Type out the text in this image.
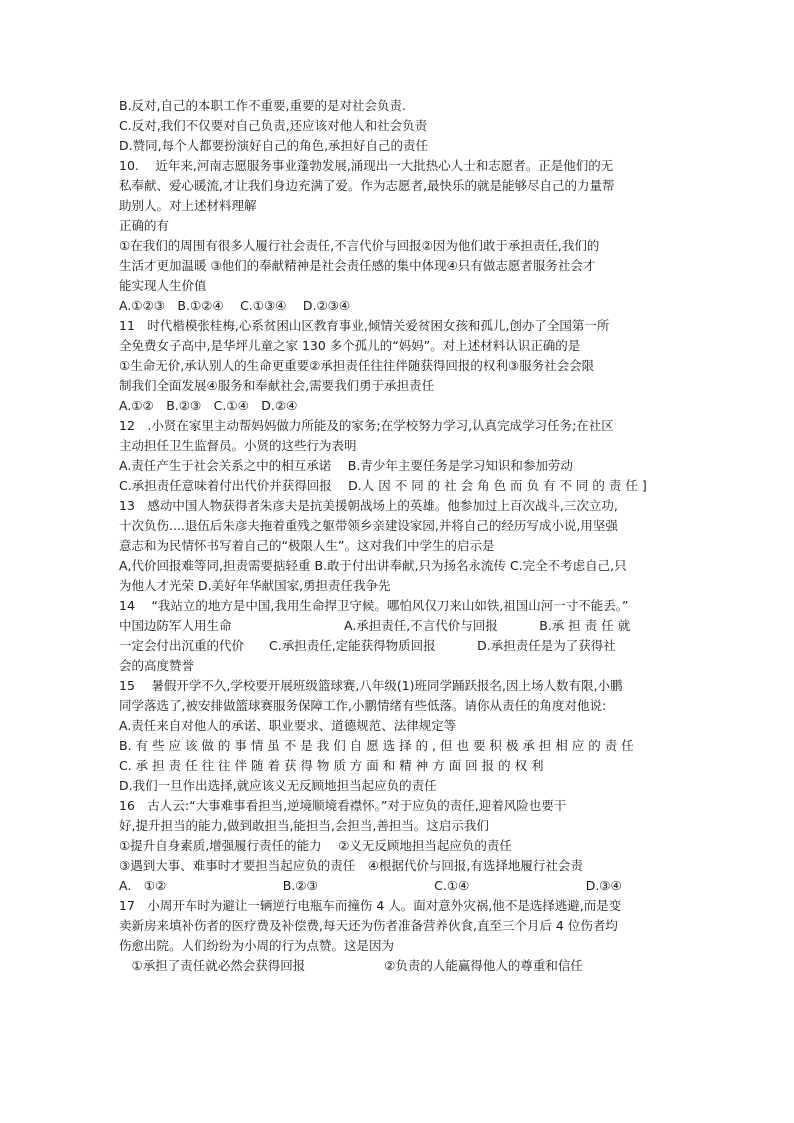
B.反对,自己的本职工作不重要,重要的是对社会负责.
C.反对,我们不仅要对自己负责,还应该对他人和社会负责
D.赞同,每个人都要扮演好自己的角色,承担好自己的责任
10.　 近年来,河南志愿服务事业蓬勃发展,涌现出一大批热心人士和志愿者。正是他们的无
私奉献、爱心暖流,才让我们身边充满了爱。作为志愿者,最快乐的就是能够尽自己的力量帮
助别人。对上述材料理解
正确的有
①在我们的周围有很多人履行社会责任,不言代价与回报②因为他们敢于承担责任,我们的
生活才更加温暖 ③他们的奉献精神是社会责任感的集中体现④只有做志愿者服务社会才
能实现人生价值
A.①②③　B.①②④　 C.①③④　 D.②③④
11　时代楷模张桂梅,心系贫困山区教育事业,倾情关爱贫困女孩和孤儿,创办了全国第一所
全免费女子高中,是华坪儿童之家 130 多个孤儿的“妈妈”。对上述材料认识正确的是
①生命无价,承认别人的生命更重要②承担责任往往伴随获得回报的权利③服务社会会限
制我们全面发展④服务和奉献社会,需要我们勇于承担责任
A.①②　B.②③　C.①④　D.②④
12　.小贤在家里主动帮妈妈做力所能及的家务;在学校努力学习,认真完成学习任务;在社区
主动担任卫生监督员。小贤的这些行为表明
A.责任产生于社会关系之中的相互承诺　 B.青少年主要任务是学习知识和参加劳动
C.承担责任意味着付出代价并获得回报　 D.人 因 不 同 的 社 会 角 色 而 负 有 不 同 的 责 任 ]
13　感动中国人物获得者朱彦夫是抗美援朝战场上的英雄。他参加过上百次战斗,三次立功,
十次负伤....退伍后朱彦夫拖着重残之躯带领乡亲建设家园,并将自己的经历写成小说,用坚强
意志和为民情怀书写着自己的“极限人生”。这对我们中学生的启示是
A,代价回报难等同,担责需要掂轻重 B.敢于付出讲奉献,只为扬名永流传 C.完全不考虑自己,只
为他人才光荣 D.美好年华献国家,勇担责任我争先
14　 “我站立的地方是中国,我用生命捍卫守候。哪怕风仅刀来山如铁,祖国山河一寸不能丢。”
中国边防军人用生命　　　　　　　　　A.承担责任,不言代价与回报　　　 B.承 担 责 任 就
一定会付出沉重的代价　　C.承担责任,定能获得物质回报　　　 D.承担责任是为了获得社
会的高度赞誉
15　 暑假开学不久,学校要开展班级篮球赛,八年级(1)班同学踊跃报名,因上场人数有限,小鹏
同学落选了,被安排做篮球赛服务保障工作,小鹏情绪有些低落。请你从责任的角度对他说:
A.责任来自对他人的承诺、职业要求、道德规范、法律规定等
B. 有 些 应 该 做 的 事 情 虽 不 是 我 们 自 愿 选 择 的 , 但 也 要 积 极 承 担 相 应 的 责 任
C. 承 担 责 任 往 往 伴 随 着 获 得 物 质 方 面 和 精 神 方 面 回 报 的 权 利
D.我们一旦作出选择,就应该义无反顾地担当起应负的责任
16　古人云:“大事难事看担当,逆境顺境看襟怀。”对于应负的责任,迎着风险也要干
好,提升担当的能力,做到敢担当,能担当,会担当,善担当。这启示我们
①提升自身素质,增强履行责任的能力　 ②义无反顾地担当起应负的责任
③遇到大事、难事时才要担当起应负的责任　④根据代价与回报,有选择地履行社会责
A.　①②　　　　　　　　　 B.②③　　　　　　　　　 C.①④　　　　　　　　　 D.③④
17　小周开车时为避让一辆逆行电瓶车而撞伤 4 人。面对意外灾祸,他不是选择逃避,而是变
卖新房来填补伤者的医疗费及补偿费,每天还为伤者准备营养伙食,直至三个月后 4 位伤者均
伤愈出院。人们纷纷为小周的行为点赞。这是因为
　①承担了责任就必然会获得回报　　　　　　 ②负责的人能赢得他人的尊重和信任
